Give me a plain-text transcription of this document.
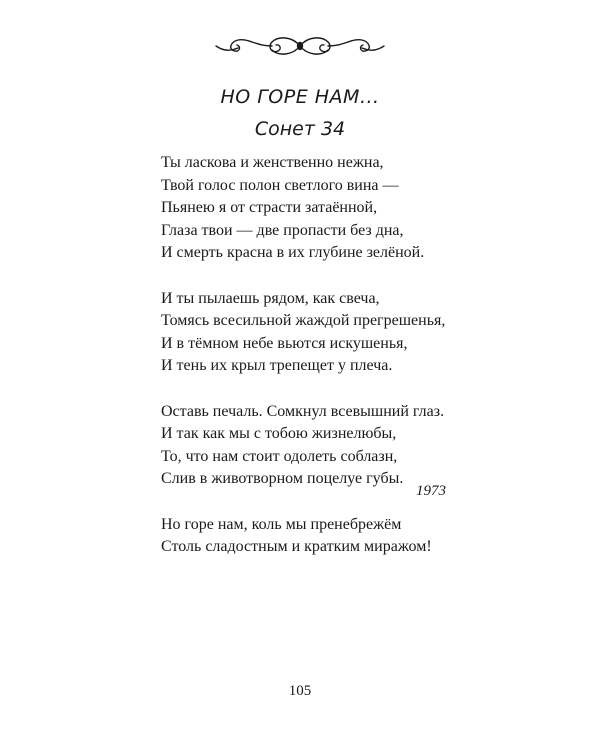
НО ГОРЕ НАМ...
Сонет 34
Ты ласкова и женственно нежна,
Твой голос полон светлого вина —
Пьянею я от страсти затаённой,
Глаза твои — две пропасти без дна,
И смерть красна в их глубине зелёной.
И ты пылаешь рядом, как свеча,
Томясь всесильной жаждой прегрешенья,
И в тёмном небе вьются искушенья,
И тень их крыл трепещет у плеча.
Оставь печаль. Сомкнул всевышний глаз.
И так как мы с тобою жизнелюбы,
То, что нам стоит одолеть соблазн,
Слив в животворном поцелуе губы.
Но горе нам, коль мы пренебрежём
Столь сладостным и кратким миражом!
1973
105
